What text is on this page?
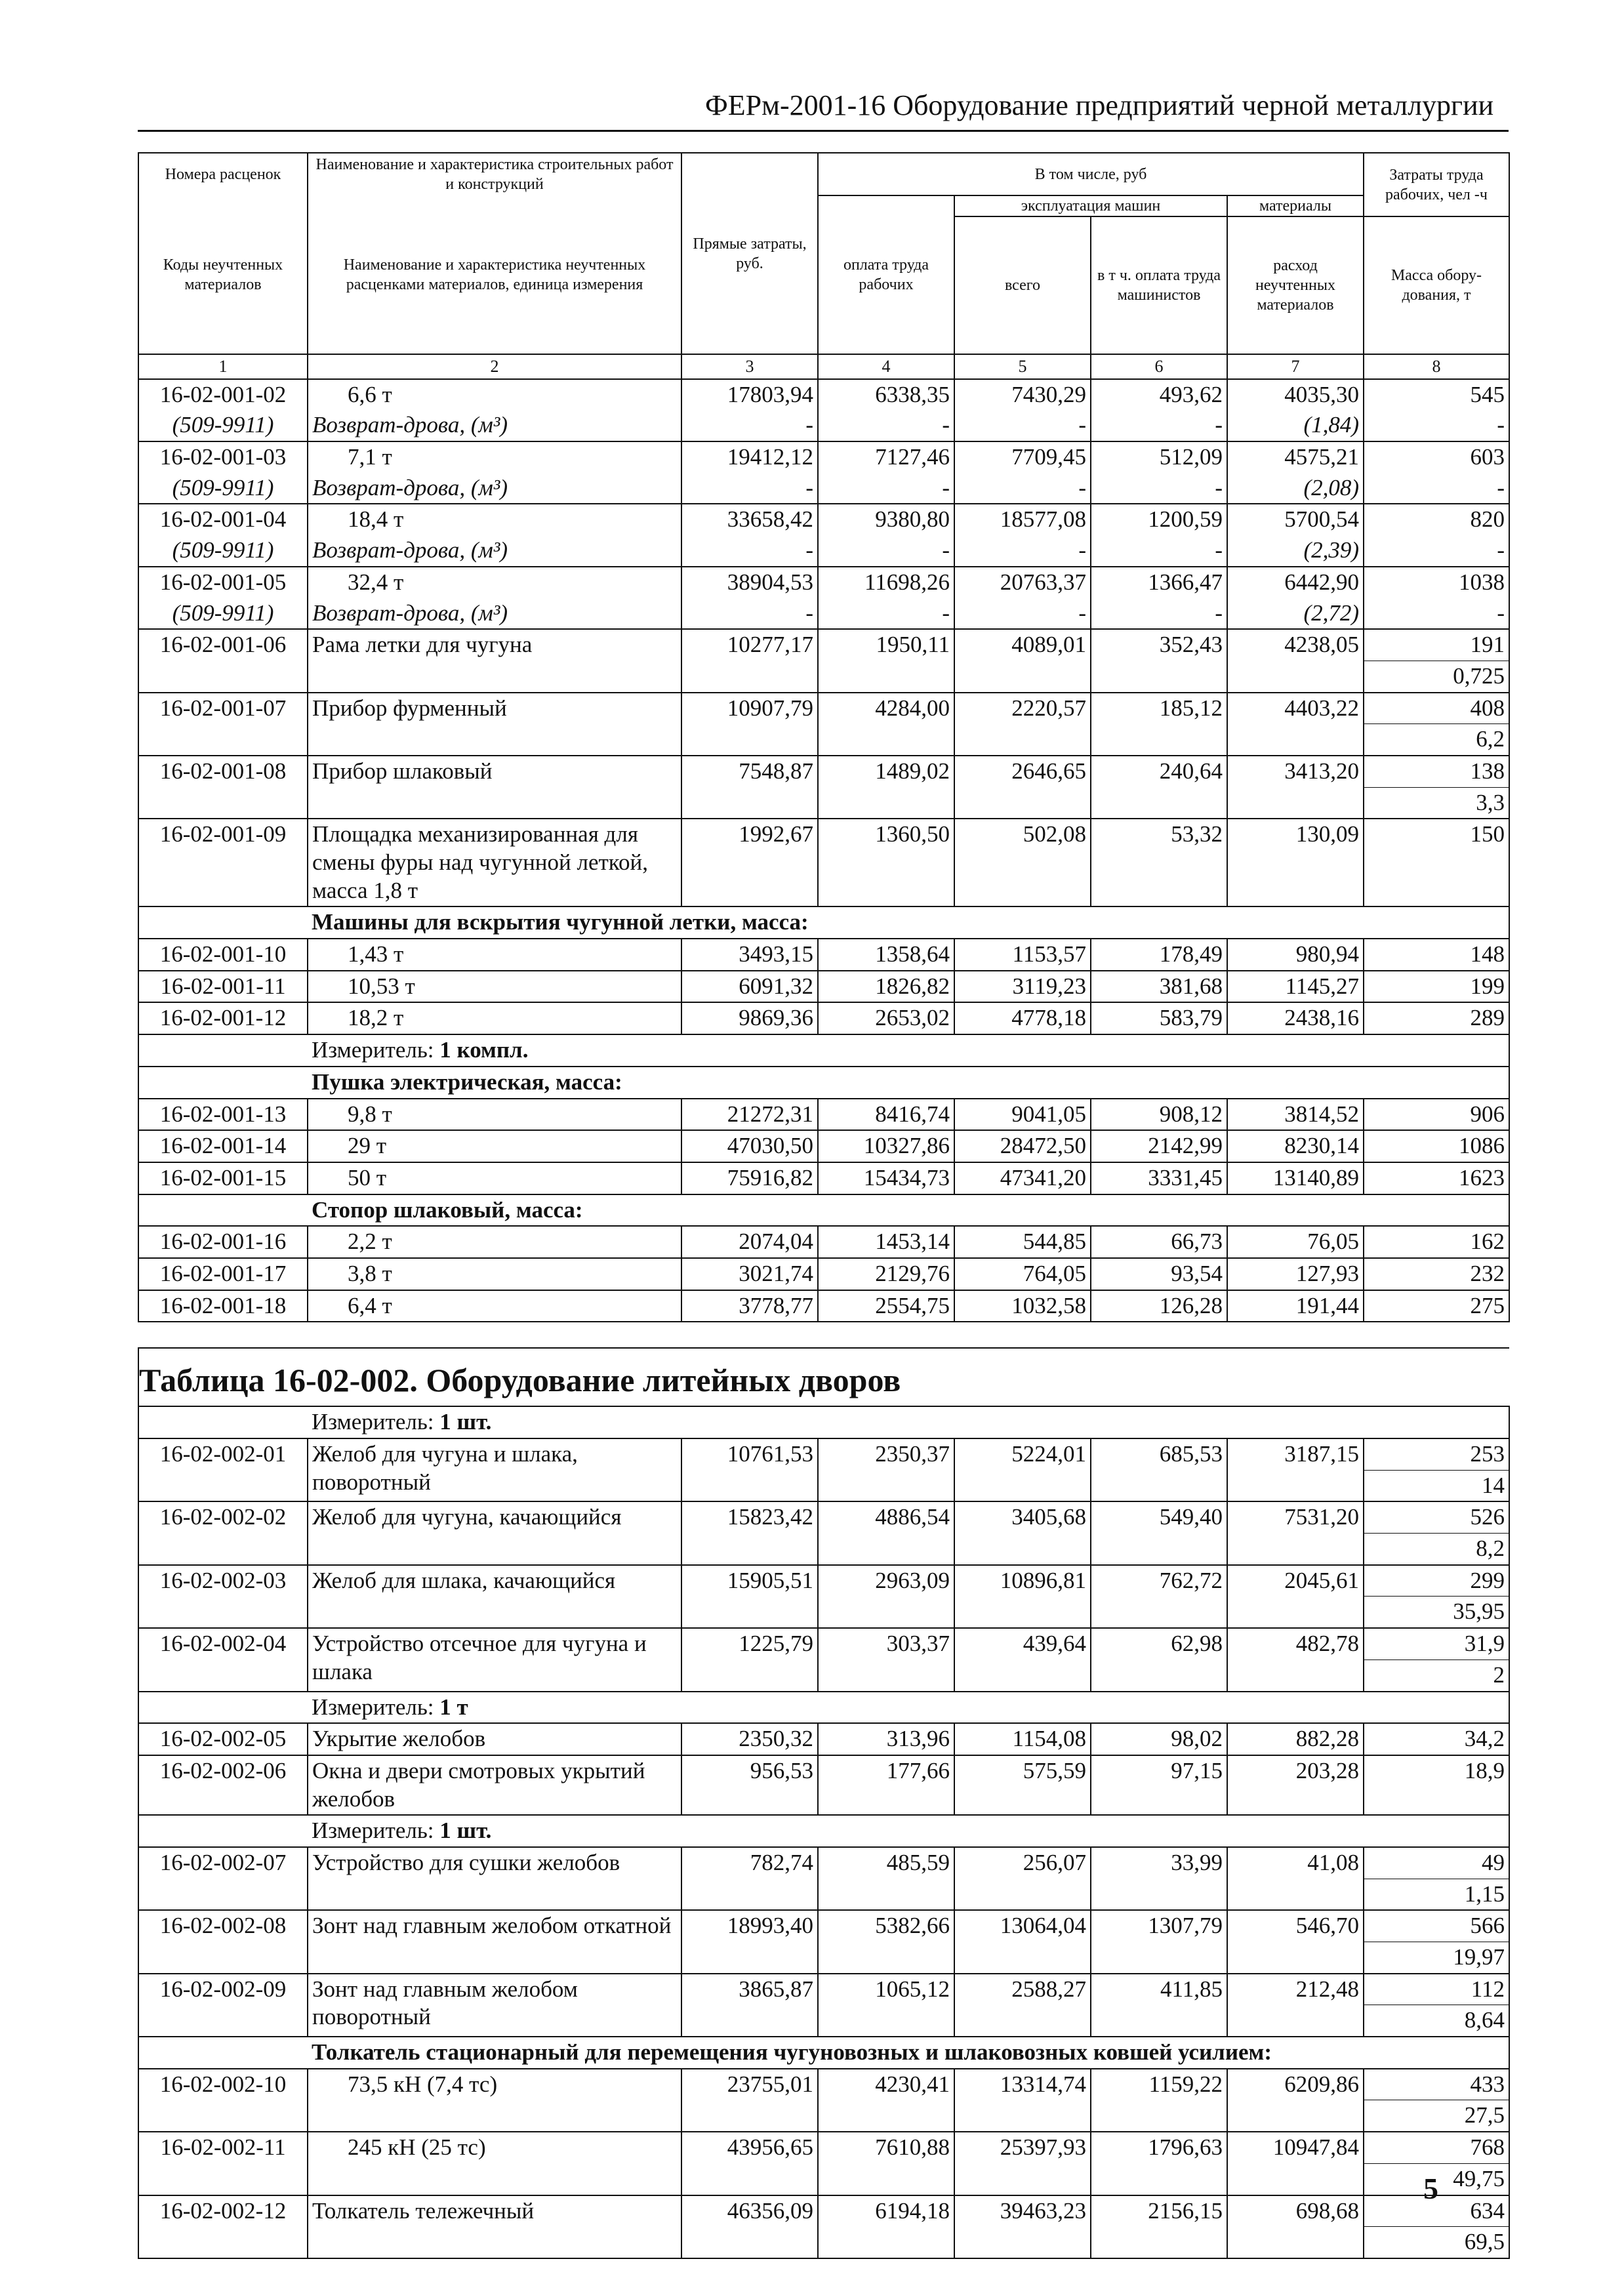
ФЕРм-2001-16 Оборудование предприятий черной металлургии
Номера расценок	Наименование и характеристика строительных работ и конструкций	Прямые затраты, руб.	В том числе, руб				Затраты труда рабочих, чел -ч
Коды неучтенных материалов	Наименование и характеристика неучтенных расценками материалов, единица измерения		оплата труда рабочих	эксплуатация машин		материалы	
				всего	в т ч. оплата труда машинистов	расход неучтенных материалов	Масса обору-дования, т
1	2	3	4	5	6	7	8
16-02-001-02	6,6 т	17803,94	6338,35	7430,29	493,62	4035,30	545
(509-9911)	Возврат-дрова, (м³)	-	-	-	-	(1,84)	-
16-02-001-03	7,1 т	19412,12	7127,46	7709,45	512,09	4575,21	603
(509-9911)	Возврат-дрова, (м³)	-	-	-	-	(2,08)	-
16-02-001-04	18,4 т	33658,42	9380,80	18577,08	1200,59	5700,54	820
(509-9911)	Возврат-дрова, (м³)	-	-	-	-	(2,39)	-
16-02-001-05	32,4 т	38904,53	11698,26	20763,37	1366,47	6442,90	1038
(509-9911)	Возврат-дрова, (м³)	-	-	-	-	(2,72)	-
16-02-001-06	Рама летки для чугуна	10277,17	1950,11	4089,01	352,43	4238,05	191
							0,725
16-02-001-07	Прибор фурменный	10907,79	4284,00	2220,57	185,12	4403,22	408
							6,2
16-02-001-08	Прибор шлаковый	7548,87	1489,02	2646,65	240,64	3413,20	138
							3,3
16-02-001-09	Площадка механизированная для смены фуры над чугунной леткой, масса 1,8 т	1992,67	1360,50	502,08	53,32	130,09	150
	Машины для вскрытия чугунной летки, масса:						
16-02-001-10	1,43 т	3493,15	1358,64	1153,57	178,49	980,94	148
16-02-001-11	10,53 т	6091,32	1826,82	3119,23	381,68	1145,27	199
16-02-001-12	18,2 т	9869,36	2653,02	4778,18	583,79	2438,16	289
	Измеритель: 1 компл.						
	Пушка электрическая, масса:						
16-02-001-13	9,8 т	21272,31	8416,74	9041,05	908,12	3814,52	906
16-02-001-14	29 т	47030,50	10327,86	28472,50	2142,99	8230,14	1086
16-02-001-15	50 т	75916,82	15434,73	47341,20	3331,45	13140,89	1623
	Стопор шлаковый, масса:						
16-02-001-16	2,2 т	2074,04	1453,14	544,85	66,73	76,05	162
16-02-001-17	3,8 т	3021,74	2129,76	764,05	93,54	127,93	232
16-02-001-18	6,4 т	3778,77	2554,75	1032,58	126,28	191,44	275

Таблица 16-02-002. Оборудование литейных дворов							
	Измеритель: 1 шт.						
16-02-002-01	Желоб для чугуна и шлака, поворотный	10761,53	2350,37	5224,01	685,53	3187,15	253
							14
16-02-002-02	Желоб для чугуна, качающийся	15823,42	4886,54	3405,68	549,40	7531,20	526
							8,2
16-02-002-03	Желоб для шлака, качающийся	15905,51	2963,09	10896,81	762,72	2045,61	299
							35,95
16-02-002-04	Устройство отсечное для чугуна и шлака	1225,79	303,37	439,64	62,98	482,78	31,9
							2
	Измеритель: 1 т						
16-02-002-05	Укрытие желобов	2350,32	313,96	1154,08	98,02	882,28	34,2
16-02-002-06	Окна и двери смотровых укрытий желобов	956,53	177,66	575,59	97,15	203,28	18,9
	Измеритель: 1 шт.						
16-02-002-07	Устройство для сушки желобов	782,74	485,59	256,07	33,99	41,08	49
							1,15
16-02-002-08	Зонт над главным желобом откатной	18993,40	5382,66	13064,04	1307,79	546,70	566
							19,97
16-02-002-09	Зонт над главным желобом поворотный	3865,87	1065,12	2588,27	411,85	212,48	112
							8,64
	Толкатель стационарный для перемещения чугуновозных и шлаковозных ковшей усилием:						
16-02-002-10	73,5 кН (7,4 тс)	23755,01	4230,41	13314,74	1159,22	6209,86	433
							27,5
16-02-002-11	245 кН (25 тс)	43956,65	7610,88	25397,93	1796,63	10947,84	768
							49,75
16-02-002-12	Толкатель тележечный	46356,09	6194,18	39463,23	2156,15	698,68	634
							69,5
5
